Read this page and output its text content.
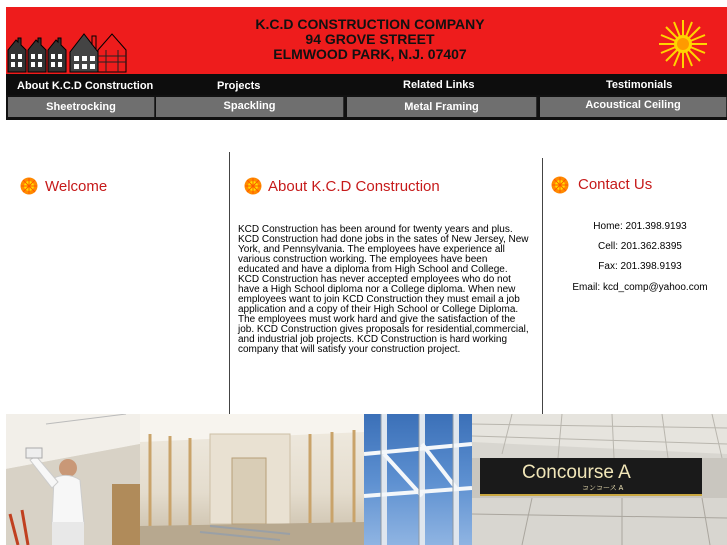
K.C.D CONSTRUCTION COMPANY
94 GROVE STREET
ELMWOOD PARK, N.J. 07407
About K.C.D Construction	Projects	Related Links	Testimonials
Sheetrocking	Spackling	Metal Framing	Acoustical Ceiling
Welcome	About K.C.D Construction
KCD Construction has been around for twenty years and plus. KCD Construction had done jobs in the sates of New Jersey, New York, and Pennsylvania. The employees have experience all various construction working. The employees have been educated and have a diploma from High School and College. KCD Construction has never accepted employees who do not have a High School diploma nor a College diploma. When new employees want to join KCD Construction they must email a job application and a copy of their High School or College Diploma. The employees must work hard and give the satisfaction of the job. KCD Construction gives proposals for residential,commercial, and industrial job projects. KCD Construction is hard working company that will satisfy your construction project.
Contact Us
Home: 201.398.9193
Cell: 201.362.8395
Fax: 201.398.9193
Email: kcd_comp@yahoo.com
Concourse A
コンコース A
